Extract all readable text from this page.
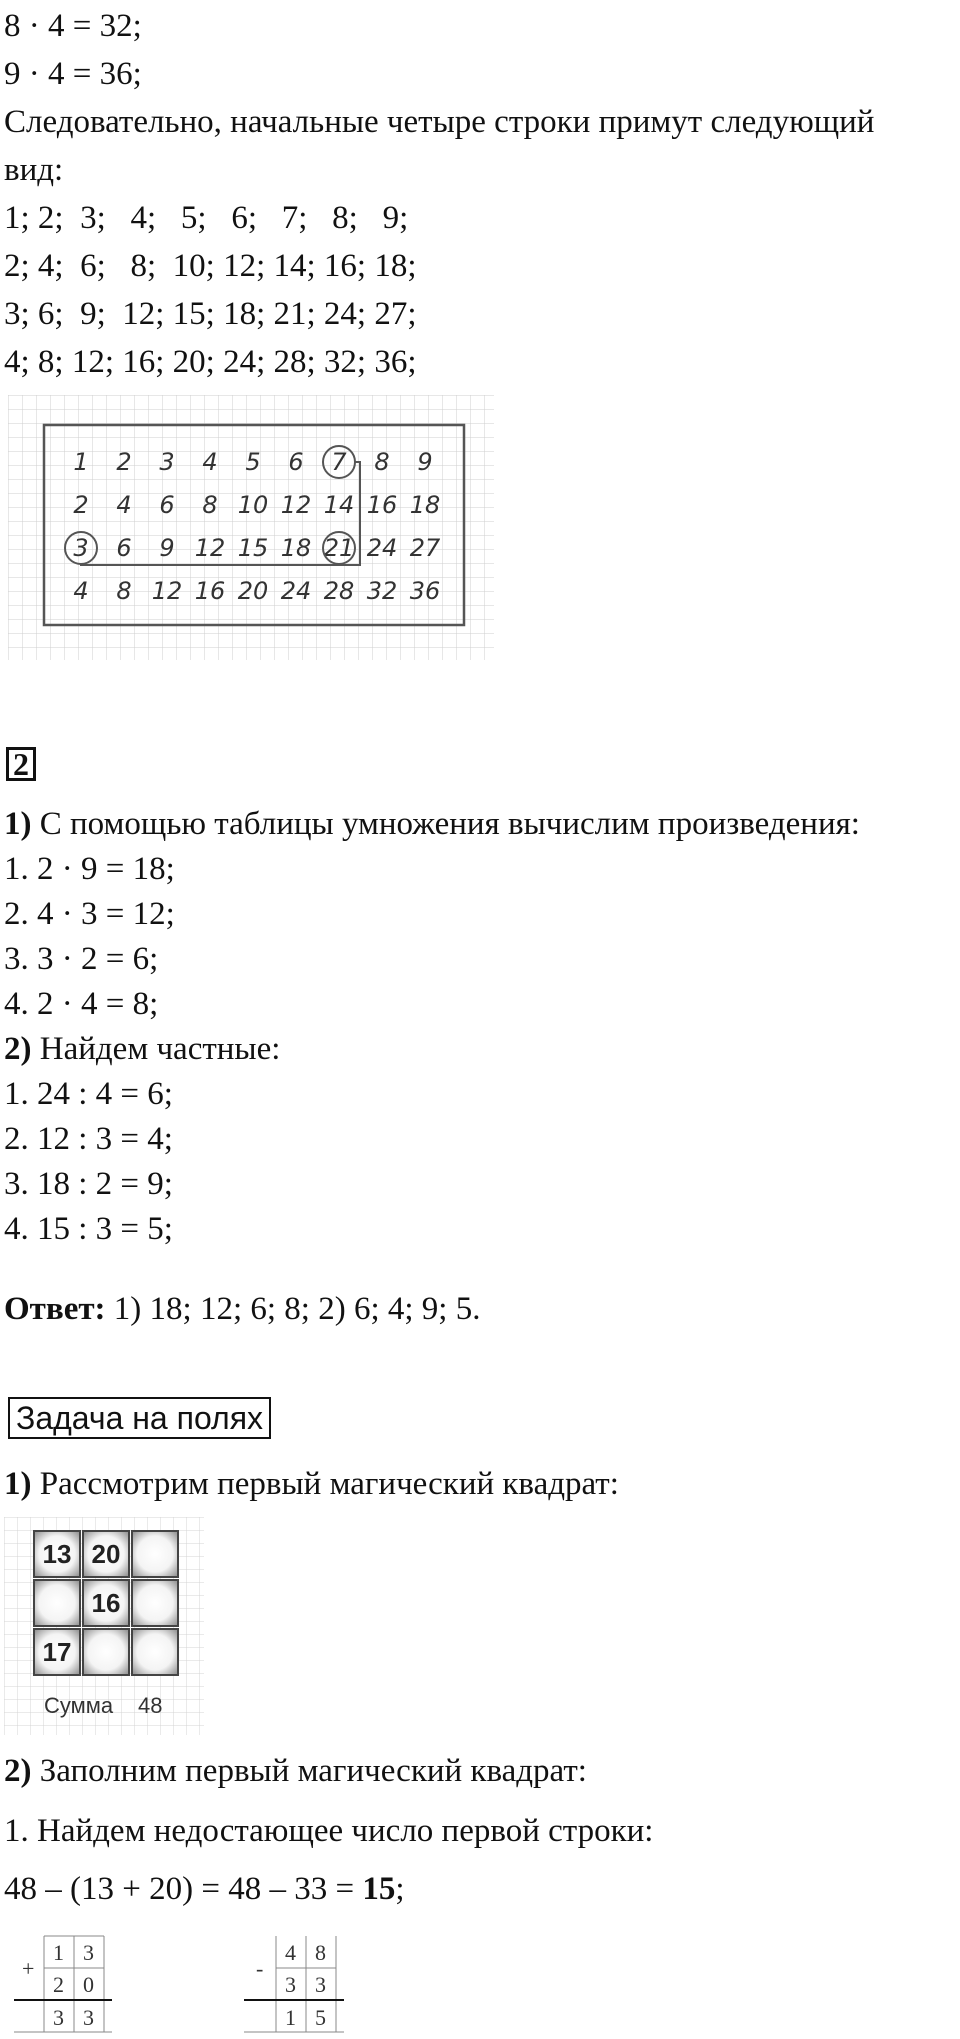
8 · 4 = 32;
9 · 4 = 36;
Следовательно, начальные четыре строки примут следующий
вид:
1; 2;  3;   4;   5;   6;   7;   8;   9;
2; 4;  6;   8;  10; 12; 14; 16; 18;
3; 6;  9;  12; 15; 18; 21; 24; 27;
4; 8; 12; 16; 20; 24; 28; 32; 36;
1 2 3 4 5 6 7 8 9
2 4 6 8 10 12 14 16 18
3 6 9 12 15 18 21 24 27
4 8 12 16 20 24 28 32 36
2
1) С помощью таблицы умножения вычислим произведения:
1. 2 · 9 = 18;
2. 4 · 3 = 12;
3. 3 · 2 = 6;
4. 2 · 4 = 8;
2) Найдем частные:
1. 24 : 4 = 6;
2. 12 : 3 = 4;
3. 18 : 2 = 9;
4. 15 : 3 = 5;
Ответ: 1) 18; 12; 6; 8; 2) 6; 4; 9; 5.
Задача на полях
1) Рассмотрим первый магический квадрат:
13 20
16
17
Сумма 48
2) Заполним первый магический квадрат:
1. Найдем недостающее число первой строки:
48 – (13 + 20) = 48 – 33 = 15;
+
1 3
2 0
3 3
-
4 8
3 3
1 5
